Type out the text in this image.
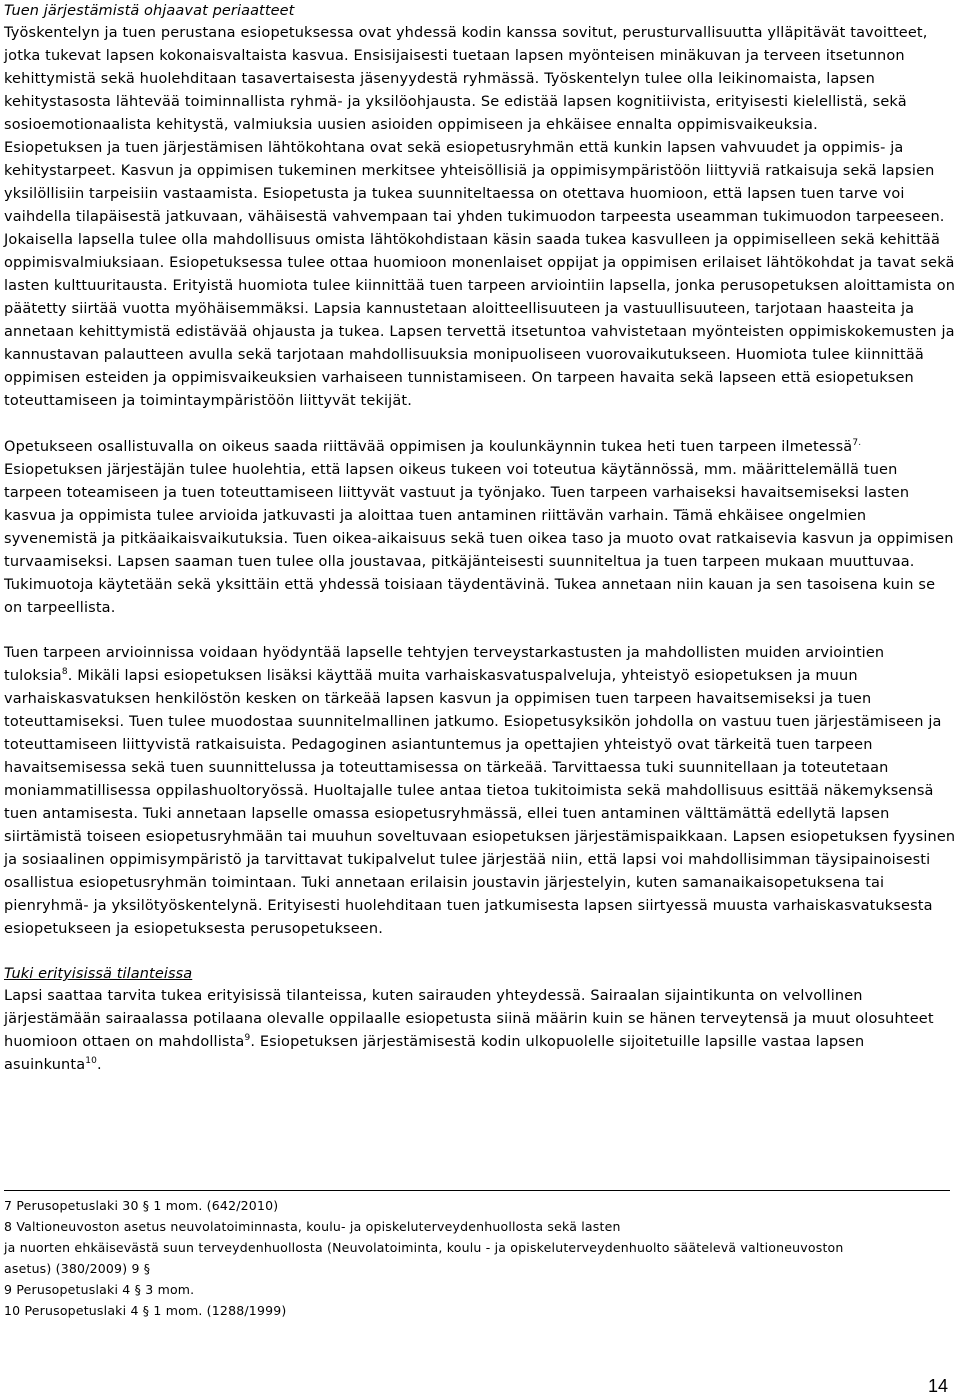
Tuen järjestämistä ohjaavat periaatteet

Työskentelyn ja tuen perustana esiopetuksessa ovat yhdessä kodin kanssa sovitut, perusturvallisuutta ylläpitävät tavoitteet, jotka tukevat lapsen kokonaisvaltaista kasvua. Ensisijaisesti tuetaan lapsen myönteisen minäkuvan ja terveen itsetunnon kehittymistä sekä huolehditaan tasavertaisesta jäsenyydestä ryhmässä. Työskentelyn tulee olla leikinomaista, lapsen kehitystasosta lähtevää toiminnallista ryhmä- ja yksilöohjausta. Se edistää lapsen kognitiivista, erityisesti kielellistä, sekä sosioemotionaalista kehitystä, valmiuksia uusien asioiden oppimiseen ja ehkäisee ennalta oppimisvaikeuksia.

Esiopetuksen ja tuen järjestämisen lähtökohtana ovat sekä esiopetusryhmän että kunkin lapsen vahvuudet ja oppimis- ja kehitystarpeet. Kasvun ja oppimisen tukeminen merkitsee yhteisöllisiä ja oppimisympäristöön liittyviä ratkaisuja sekä lapsien yksilöllisiin tarpeisiin vastaamista. Esiopetusta ja tukea suunniteltaessa on otettava huomioon, että lapsen tuen tarve voi vaihdella tilapäisestä jatkuvaan, vähäisestä vahvempaan tai yhden tukimuodon tarpeesta useamman tukimuodon tarpeeseen.

Jokaisella lapsella tulee olla mahdollisuus omista lähtökohdistaan käsin saada tukea kasvulleen ja oppimiselleen sekä kehittää oppimisvalmiuksiaan. Esiopetuksessa tulee ottaa huomioon monenlaiset oppijat ja oppimisen erilaiset lähtökohdat ja tavat sekä lasten kulttuuritausta. Erityistä huomiota tulee kiinnittää tuen tarpeen arviointiin lapsella, jonka perusopetuksen aloittamista on päätetty siirtää vuotta myöhäisemmäksi. Lapsia kannustetaan aloitteellisuuteen ja vastuullisuuteen, tarjotaan haasteita ja annetaan kehittymistä edistävää ohjausta ja tukea. Lapsen tervettä itsetuntoa vahvistetaan myönteisten oppimiskokemusten ja kannustavan palautteen avulla sekä tarjotaan mahdollisuuksia monipuoliseen vuorovaikutukseen. Huomiota tulee kiinnittää oppimisen esteiden ja oppimisvaikeuksien varhaiseen tunnistamiseen. On tarpeen havaita sekä lapseen että esiopetuksen toteuttamiseen ja toimintaympäristöön liittyvät tekijät.

Opetukseen osallistuvalla on oikeus saada riittävää oppimisen ja koulunkäynnin tukea heti tuen tarpeen ilmetessä$^{7.}$ Esiopetuksen järjestäjän tulee huolehtia, että lapsen oikeus tukeen voi toteutua käytännössä, mm. määrittelemällä tuen tarpeen toteamiseen ja tuen toteuttamiseen liittyvät vastuut ja työnjako. Tuen tarpeen varhaiseksi havaitsemiseksi lasten kasvua ja oppimista tulee arvioida jatkuvasti ja aloittaa tuen antaminen riittävän varhain. Tämä ehkäisee ongelmien syvenemistä ja pitkäaikaisvaikutuksia. Tuen oikea-aikaisuus sekä tuen oikea taso ja muoto ovat ratkaisevia kasvun ja oppimisen turvaamiseksi. Lapsen saaman tuen tulee olla joustavaa, pitkäjänteisesti suunniteltua ja tuen tarpeen mukaan muuttuvaa. Tukimuotoja käytetään sekä yksittäin että yhdessä toisiaan täydentävinä. Tukea annetaan niin kauan ja sen tasoisena kuin se on tarpeellista.

Tuen tarpeen arvioinnissa voidaan hyödyntää lapselle tehtyjen terveystarkastusten ja mahdollisten muiden arviointien tuloksia$^8$. Mikäli lapsi esiopetuksen lisäksi käyttää muita varhaiskasvatuspalveluja, yhteistyö esiopetuksen ja muun varhaiskasvatuksen henkilöstön kesken on tärkeää lapsen kasvun ja oppimisen tuen tarpeen havaitsemiseksi ja tuen toteuttamiseksi. Tuen tulee muodostaa suunnitelmallinen jatkumo. Esiopetusyksikön johdolla on vastuu tuen järjestämiseen ja toteuttamiseen liittyvistä ratkaisuista. Pedagoginen asiantuntemus ja opettajien yhteistyö ovat tärkeitä tuen tarpeen havaitsemisessa sekä tuen suunnittelussa ja toteuttamisessa on tärkeää. Tarvittaessa tuki suunnitellaan ja toteutetaan moniammatillisessa oppilashuoltoryössä. Huoltajalle tulee antaa tietoa tukitoimista sekä mahdollisuus esittää näkemyksensä tuen antamisesta. Tuki annetaan lapselle omassa esiopetusryhmässä, ellei tuen antaminen välttämättä edellytä lapsen siirtämistä toiseen esiopetusryhmään tai muuhun soveltuvaan esiopetuksen järjestämispaikkaan. Lapsen esiopetuksen fyysinen ja sosiaalinen oppimisympäristö ja tarvittavat tukipalvelut tulee järjestää niin, että lapsi voi mahdollisimman täysipainoisesti osallistua esiopetusryhmän toimintaan. Tuki annetaan erilaisin joustavin järjestelyin, kuten samanaikaisopetuksena tai pienryhmä- ja yksilötyöskentelynä. Erityisesti huolehditaan tuen jatkumisesta lapsen siirtyessä muusta varhaiskasvatuksesta esiopetukseen ja esiopetuksesta perusopetukseen.

Tuki erityisissä tilanteissa

Lapsi saattaa tarvita tukea erityisissä tilanteissa, kuten sairauden yhteydessä. Sairaalan sijaintikunta on velvollinen järjestämään sairaalassa potilaana olevalle oppilaalle esiopetusta siinä määrin kuin se hänen terveytensä ja muut olosuhteet huomioon ottaen on mahdollista$^9$. Esiopetuksen järjestämisestä kodin ulkopuolelle sijoitetuille lapsille vastaa lapsen asuinkunta$^{10}$.

7 Perusopetuslaki 30 § 1 mom. (642/2010)

8 Valtioneuvoston asetus neuvolatoiminnasta, koulu- ja opiskeluterveydenhuollosta sekä lasten

ja nuorten ehkäisevästä suun terveydenhuollosta (Neuvolatoiminta, koulu - ja opiskeluterveydenhuolto säätelevä valtioneuvoston

asetus) (380/2009) 9 §

9 Perusopetuslaki 4 § 3 mom.

10 Perusopetuslaki 4 § 1 mom. (1288/1999)

14
